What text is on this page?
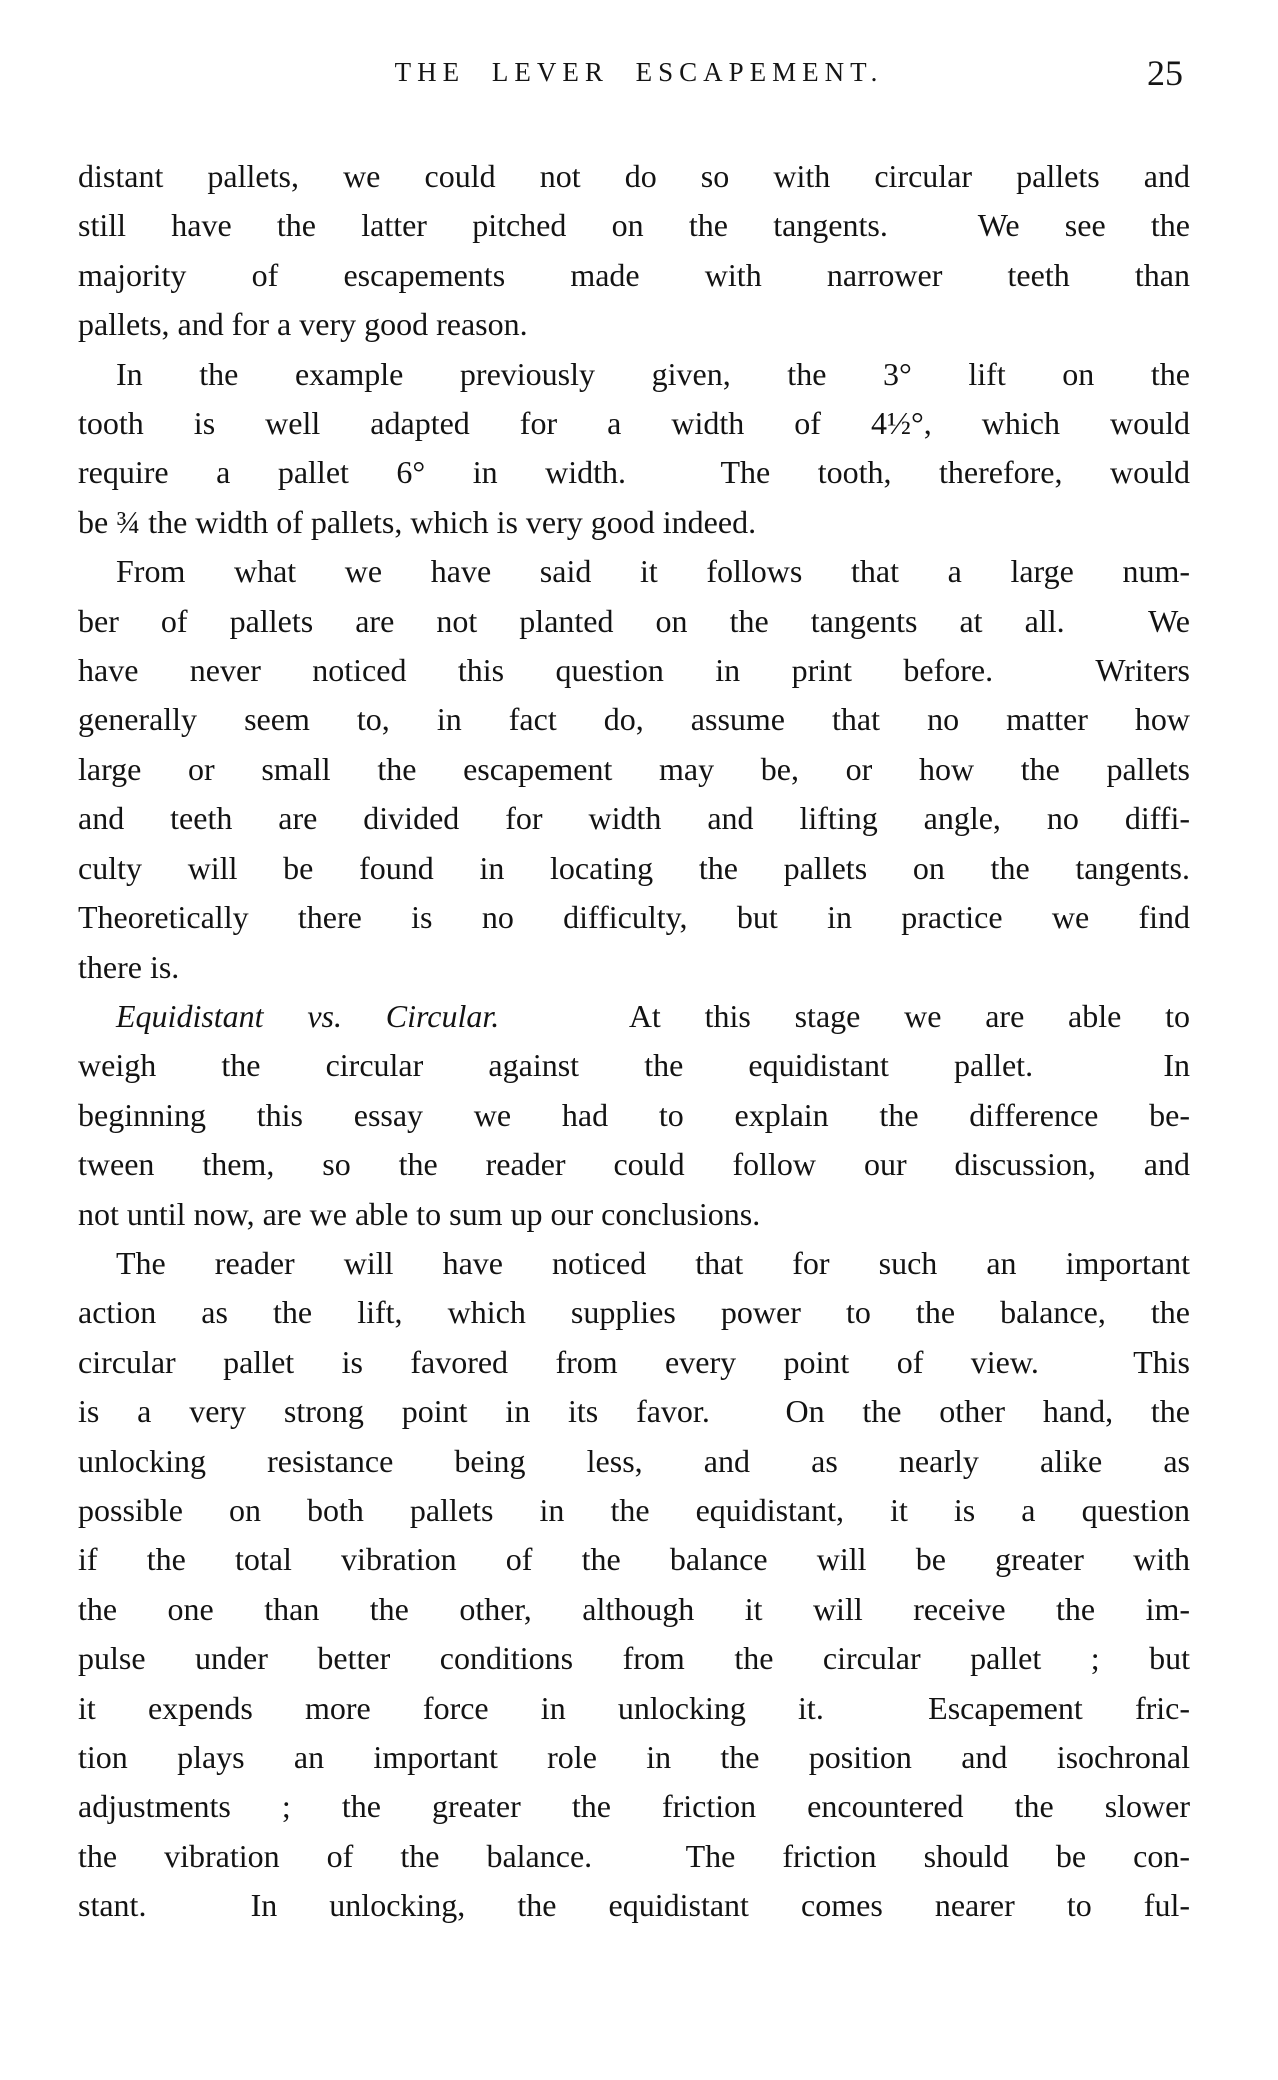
THE LEVER ESCAPEMENT.	25
distant pallets, we could not do so with circular pallets and
still have the latter pitched on the tangents.  We see the
majority of escapements made with narrower teeth than
pallets, and for a very good reason.
In the example previously given, the 3° lift on the
tooth is well adapted for a width of 4½°, which would
require a pallet 6° in width.  The tooth, therefore, would
be ¾ the width of pallets, which is very good indeed.
From what we have said it follows that a large num-
ber of pallets are not planted on the tangents at all.  We
have never noticed this question in print before.  Writers
generally seem to, in fact do, assume that no matter how
large or small the escapement may be, or how the pallets
and teeth are divided for width and lifting angle, no diffi-
culty will be found in locating the pallets on the tangents.
Theoretically there is no difficulty, but in practice we find
there is.
Equidistant vs. Circular.   At this stage we are able to
weigh the circular against the equidistant pallet.  In
beginning this essay we had to explain the difference be-
tween them, so the reader could follow our discussion, and
not until now, are we able to sum up our conclusions.
The reader will have noticed that for such an important
action as the lift, which supplies power to the balance, the
circular pallet is favored from every point of view.  This
is a very strong point in its favor.  On the other hand, the
unlocking resistance being less, and as nearly alike as
possible on both pallets in the equidistant, it is a question
if the total vibration of the balance will be greater with
the one than the other, although it will receive the im-
pulse under better conditions from the circular pallet ; but
it expends more force in unlocking it.  Escapement fric-
tion plays an important role in the position and isochronal
adjustments ; the greater the friction encountered the slower
the vibration of the balance.  The friction should be con-
stant.  In unlocking, the equidistant comes nearer to ful-
